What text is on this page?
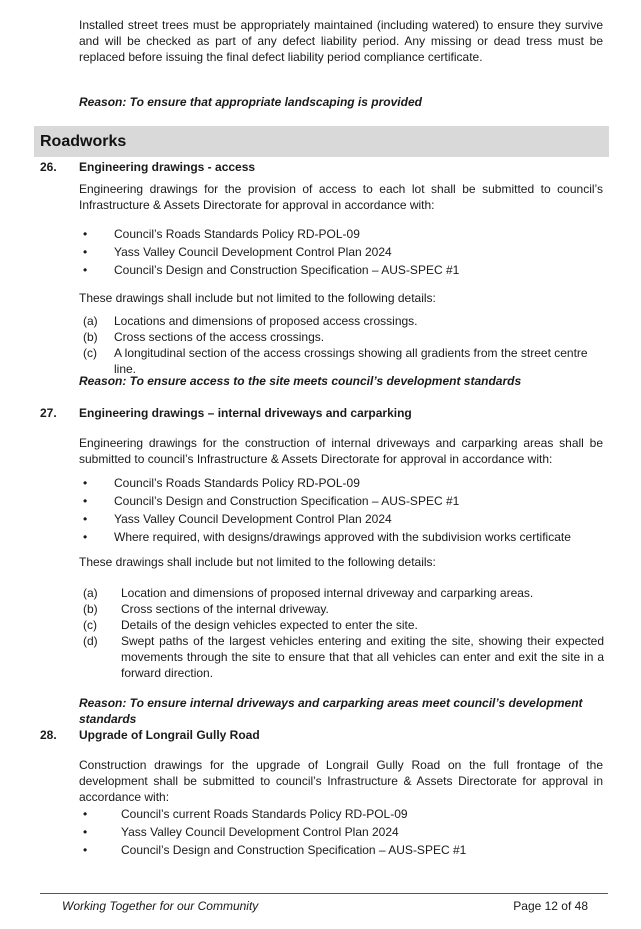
Installed street trees must be appropriately maintained (including watered) to ensure they survive and will be checked as part of any defect liability period. Any missing or dead tress must be replaced before issuing the final defect liability period compliance certificate.
Reason: To ensure that appropriate landscaping is provided
Roadworks
26. Engineering drawings - access
Engineering drawings for the provision of access to each lot shall be submitted to council’s Infrastructure & Assets Directorate for approval in accordance with:
• Council’s Roads Standards Policy RD-POL-09
• Yass Valley Council Development Control Plan 2024
• Council’s Design and Construction Specification – AUS-SPEC #1
These drawings shall include but not limited to the following details:
(a) Locations and dimensions of proposed access crossings.
(b) Cross sections of the access crossings.
(c) A longitudinal section of the access crossings showing all gradients from the street centre line.
Reason: To ensure access to the site meets council’s development standards
27. Engineering drawings – internal driveways and carparking
Engineering drawings for the construction of internal driveways and carparking areas shall be submitted to council’s Infrastructure & Assets Directorate for approval in accordance with:
• Council’s Roads Standards Policy RD-POL-09
• Council’s Design and Construction Specification – AUS-SPEC #1
• Yass Valley Council Development Control Plan 2024
• Where required, with designs/drawings approved with the subdivision works certificate
These drawings shall include but not limited to the following details:
(a) Location and dimensions of proposed internal driveway and carparking areas.
(b) Cross sections of the internal driveway.
(c) Details of the design vehicles expected to enter the site.
(d) Swept paths of the largest vehicles entering and exiting the site, showing their expected movements through the site to ensure that that all vehicles can enter and exit the site in a forward direction.
Reason: To ensure internal driveways and carparking areas meet council’s development standards
28. Upgrade of Longrail Gully Road
Construction drawings for the upgrade of Longrail Gully Road on the full frontage of the development shall be submitted to council’s Infrastructure & Assets Directorate for approval in accordance with:
•	Council’s current Roads Standards Policy RD-POL-09
•	Yass Valley Council Development Control Plan 2024
•	Council’s Design and Construction Specification – AUS-SPEC #1
Working Together for our Community	Page 12 of 48
